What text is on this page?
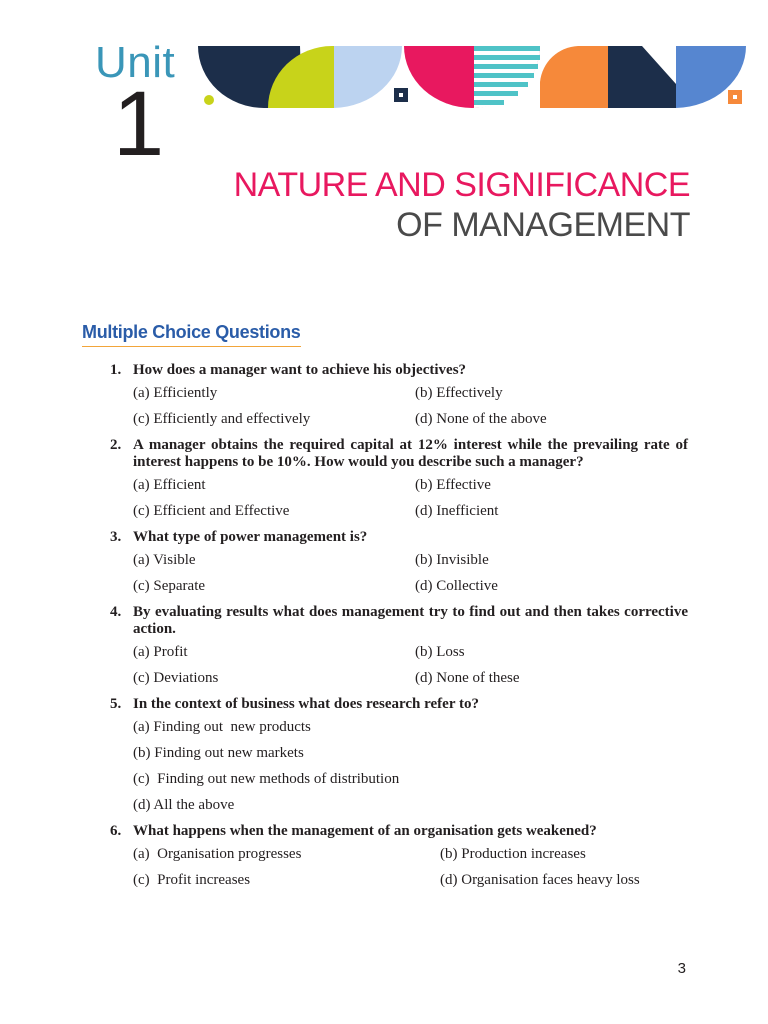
Unit
1
NATURE AND SIGNIFICANCE
OF MANAGEMENT
Multiple Choice Questions
1. How does a manager want to achieve his objectives?
(a) Efficiently	(b) Effectively
(c) Efficiently and effectively	(d) None of the above
2. A manager obtains the required capital at 12% interest while the prevailing rate of interest happens to be 10%. How would you describe such a manager?
(a) Efficient	(b) Effective
(c) Efficient and Effective	(d) Inefficient
3. What type of power management is?
(a) Visible	(b) Invisible
(c) Separate	(d) Collective
4. By evaluating results what does management try to find out and then takes corrective action.
(a) Profit	(b) Loss
(c) Deviations	(d) None of these
5. In the context of business what does research refer to?
(a) Finding out  new products
(b) Finding out new markets
(c)  Finding out new methods of distribution
(d) All the above
6. What happens when the management of an organisation gets weakened?
(a)  Organisation progresses	(b) Production increases
(c)  Profit increases	(d) Organisation faces heavy loss
3
